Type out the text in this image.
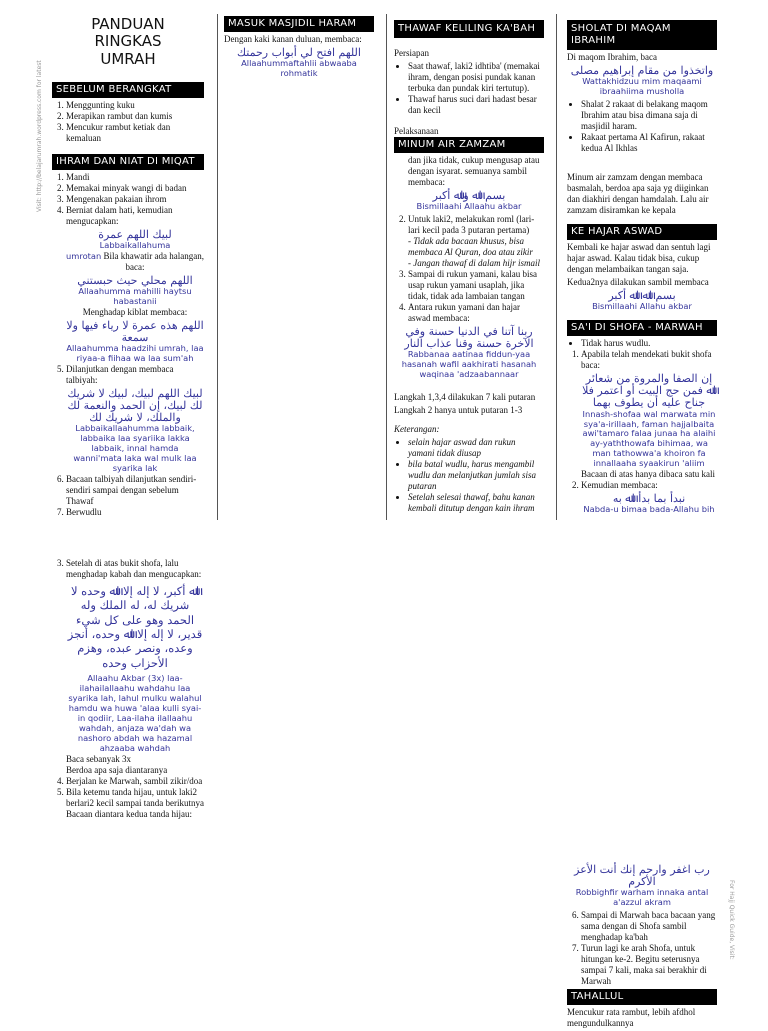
Visit: http://belajarumrah.wordpress.com for latest
For Hajj Quick Guide, Visit:
PANDUAN RINGKAS UMRAH
SEBELUM BERANGKAT
1. Menggunting kuku
2. Merapikan rambut dan kumis
3. Mencukur rambut ketiak dan kemaluan
IHRAM DAN NIAT DI MIQAT
1. Mandi
2. Memakai minyak wangi di badan
3. Mengenakan pakaian ihrom
4. Berniat dalam hati, kemudian mengucapkan:
ﻟﺒﻴﻚ اﻟﻠﻬﻢ ﻋﻤﺮة
Labbaikallahuma
umrotan Bila khawatir ada halangan, baca:
اﻟﻠﻬﻢ ﻣﺤﻠﻲ ﺣﻴﺚ ﺣﺒﺴﺘﻨﻲ
Allaahumma mahilli haytsu habastanii
Menghadap kiblat membaca:
اﻟﻠﻬﻢ ﻫﺬﻩ ﻋﻤﺮة ﻻ رﻳﺎء ﻓﻴﻬﺎ وﻻ ﺳﻤﻌﺔ
Allaahumma haadzihi umrah, laa riyaa-a fiihaa wa laa sum'ah
5. Dilanjutkan dengan membaca talbiyah:
ﻟﺒﻴﻚ اﻟﻠﻬﻢ ﻟﺒﻴﻚ، ﻟﺒﻴﻚ ﻻ ﺷﺮﻳﻚ ﻟﻚ ﻟﺒﻴﻚ، إن اﻟﺤﻤﺪ واﻟﻨﻌﻤﺔ ﻟﻚ واﻟﻤﻠﻚ، ﻻ ﺷﺮﻳﻚ ﻟﻚ
Labbaikallaahumma labbaik, labbaika laa syariika lakka labbaik, innal hamda wanni'mata laka wal mulk laa syarika lak
6. Bacaan talbiyah dilanjutkan sendiri-sendiri sampai dengan sebelum Thawaf
7. Berwudlu
MASUK MASJIDIL HARAM

Dengan kaki kanan duluan, membaca:

اﻟﻠﻬﻢ اﻓﺘﺢ ﻟﻲ أﺑﻮاب رﺣﻤﺘﻚ
Allaahummaftahlii abwaaba rohmatik
THAWAF KELILING KA'BAH

Persiapan

• Saat thawaf, laki2 idhtiba' (memakai ihram, dengan posisi pundak kanan terbuka dan pundak kiri tertutup).
• Thawaf harus suci dari hadast besar dan kecil

Pelaksanaan

MINUM AIR ZAMZAM

dan jika tidak, cukup mengusap atau dengan isyarat. semuanya sambil membaca:

ﺑﺴﻢ اﷲ واﷲ أﻛﺒﺮ
Bismillaahi Allaahu akbar
2. Untuk laki2, melakukan roml (lari-lari kecil pada 3 putaran pertama)
- Tidak ada bacaan khusus, bisa membaca Al Quran, doa atau zikir
- Jangan thawaf di dalam hijr ismail
3. Sampai di rukun yamani, kalau bisa usap rukun yamani usaplah, jika tidak, tidak ada lambaian tangan
4. Antara rukun yamani dan hajar aswad membaca:
رﺑﻨﺎ آﺗﻨﺎ ﻓﻲ اﻟﺪﻧﻴﺎ ﺣﺴﻨﺔ وﻓﻲ اﻵﺧﺮة ﺣﺴﻨﺔ وﻗﻨﺎ ﻋﺬاب اﻟﻨﺎر
Rabbanaa aatinaa fiddun-yaa hasanah wafil aakhirati hasanah waqinaa 'adzaabannaar

Langkah 1,3,4 dilakukan 7 kali putaran

Langkah 2 hanya untuk putaran 1-3

Keterangan:

• selain hajar aswad dan rukun yamani tidak diusap
• bila batal wudlu, harus mengambil wudlu dan melanjutkan jumlah sisa putaran
• Setelah selesai thawaf, bahu kanan kembali ditutup dengan kain ihram
SHOLAT DI MAQAM IBRAHIM

Di maqom Ibrahim, baca

واﺗﺨﺬوا ﻣﻦ ﻣﻘﺎم إﺑﺮاﻫﻴﻢ ﻣﺼﻠﻰ
Wattakhidzuu mim maqaami ibraahiima mushollа
• Shalat 2 rakaat di belakang maqom Ibrahim atau bisa dimana saja di masjidil haram.
• Rakaat pertama Al Kafirun, rakaat kedua Al Ikhlas

Minum air zamzam dengan membaca basmalah, berdoa apa saja yg diiginkan dan diakhiri dengan hamdalah. Lalu air zamzam disiramkan ke kepala

KE HAJAR ASWAD

Kembali ke hajar aswad dan sentuh lagi hajar aswad. Kalau tidak bisa, cukup dengan melambaikan tangan saja.

Kedua2nya dilakukan sambil membaca

ﺑﺴﻢ اﷲ اﷲ أﻛﺒﺮ
Bismillaahi Allahu akbar
SA'I DI SHOFA - MARWAH
• Tidak harus wudlu.
1. Apabila telah mendekati bukit shofa baca:
إن اﻟﺼﻔﺎ واﻟﻤﺮوة ﻣﻦ ﺷﻌﺎﺋﺮ اﷲ ﻓﻤﻦ ﺣﺞ اﻟﺒﻴﺖ أو اﻋﺘﻤﺮ ﻓﻼ ﺟﻨﺎح ﻋﻠﻴﻪ أن ﻳﻄﻮف ﺑﻬﻤﺎ
Innash-shofaa wal marwata min sya'a-irillaah, faman hajjalbaita awi'tamaro falaa junaa ha alaihi ay-yaththowafa bihimaa, wa man tathowwa'a khoiron fa innallaaha syaakirun 'aliim
Bacaan di atas hanya dibaca satu kali
2. Kemudian membaca:
ﻧﺒﺪأ ﺑﻤﺎ ﺑﺪأ اﷲ ﺑﻪ
Nabda-u bimaa bada-Allahu bih
3. Setelah di atas bukit shofa, lalu menghadap kabah dan mengucapkan:
اﷲ أﻛﺒﺮ، ﻻ إﻟﻪ إﻻ اﷲ وﺣﺪﻩ ﻻ ﺷﺮﻳﻚ ﻟﻪ، ﻟﻪ اﻟﻤﻠﻚ وﻟﻪ اﻟﺤﻤﺪ وﻫﻮ ﻋﻠﻰ ﻛﻞ ﺷﻲء ﻗﺪﻳﺮ، ﻻ إﻟﻪ إﻻ اﷲ وﺣﺪﻩ، أﻧﺠﺰ وﻋﺪﻩ، وﻧﺼﺮ ﻋﺒﺪﻩ، وﻫﺰم اﻷﺣﺰاب وﺣﺪﻩ
Allaahu Akbar (3x) laa-ilahailallaahu wahdahu laa syarika lah, lahul mulku walahul hamdu wa huwa 'alaa kulli syai-in qodiir, Laa-ilaha ilallaahu wahdah, anjaza wa'dah wa nashoro abdah wa hazamal ahzaaba wahdah
Baca sebanyak 3x
Berdoa apa saja diantaranya
4. Berjalan ke Marwah, sambil zikir/doa
5. Bila ketemu tanda hijau, untuk laki2 berlari2 kecil sampai tanda berikutnya Bacaan diantara kedua tanda hijau:
رب اﻏﻔﺮ وارﺣﻢ إﻧﻚ أﻧﺖ اﻷﻋﺰ اﻷﻛﺮم
Robbighfir warham innaka antal a'azzul akram
6. Sampai di Marwah baca bacaan yang sama dengan di Shofa sambil menghadap ka'bah
7. Turun lagi ke arah Shofa, untuk hitungan ke-2. Begitu seterusnya sampai 7 kali, maka sai berakhir di Marwah
TAHALLUL

Mencukur rata rambut, lebih afdhol mengundulkannya
